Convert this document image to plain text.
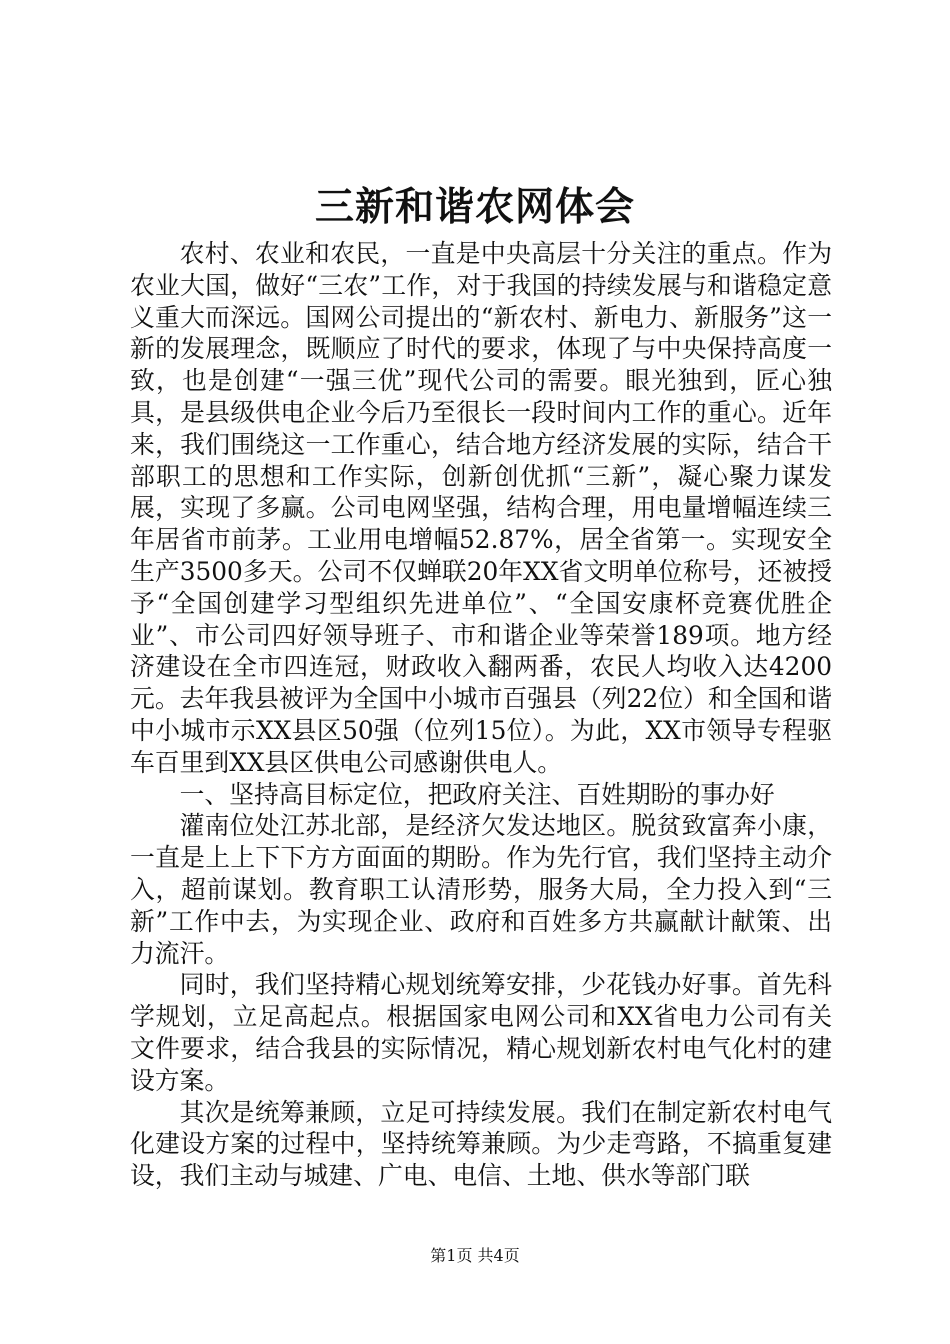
三新和谐农网体会

农村、农业和农民，一直是中央高层十分关注的重点。作为农业大国，做好“三农”工作，对于我国的持续发展与和谐稳定意义重大而深远。国网公司提出的“新农村、新电力、新服务”这一新的发展理念，既顺应了时代的要求，体现了与中央保持高度一致，也是创建“一强三优”现代公司的需要。眼光独到，匠心独具，是县级供电企业今后乃至很长一段时间内工作的重心。近年来，我们围绕这一工作重心，结合地方经济发展的实际，结合干部职工的思想和工作实际，创新创优抓“三新”，凝心聚力谋发展，实现了多赢。公司电网坚强，结构合理，用电量增幅连续三年居省市前茅。工业用电增幅52.87%，居全省第一。实现安全生产3500多天。公司不仅蝉联20年XX省文明单位称号，还被授予“全国创建学习型组织先进单位”、“全国安康杯竞赛优胜企业”、市公司四好领导班子、市和谐企业等荣誉189项。地方经济建设在全市四连冠，财政收入翻两番，农民人均收入达4200元。去年我县被评为全国中小城市百强县（列22位）和全国和谐中小城市示XX县区50强（位列15位）。为此，XX市领导专程驱车百里到XX县区供电公司感谢供电人。

一、坚持高目标定位，把政府关注、百姓期盼的事办好

灌南位处江苏北部，是经济欠发达地区。脱贫致富奔小康，一直是上上下下方方面面的期盼。作为先行官，我们坚持主动介入，超前谋划。教育职工认清形势，服务大局，全力投入到“三新”工作中去，为实现企业、政府和百姓多方共赢献计献策、出力流汗。

同时，我们坚持精心规划统筹安排，少花钱办好事。首先科学规划，立足高起点。根据国家电网公司和XX省电力公司有关文件要求，结合我县的实际情况，精心规划新农村电气化村的建设方案。

其次是统筹兼顾，立足可持续发展。我们在制定新农村电气化建设方案的过程中，坚持统筹兼顾。为少走弯路，不搞重复建设，我们主动与城建、广电、电信、土地、供水等部门联

第1页 共4页
